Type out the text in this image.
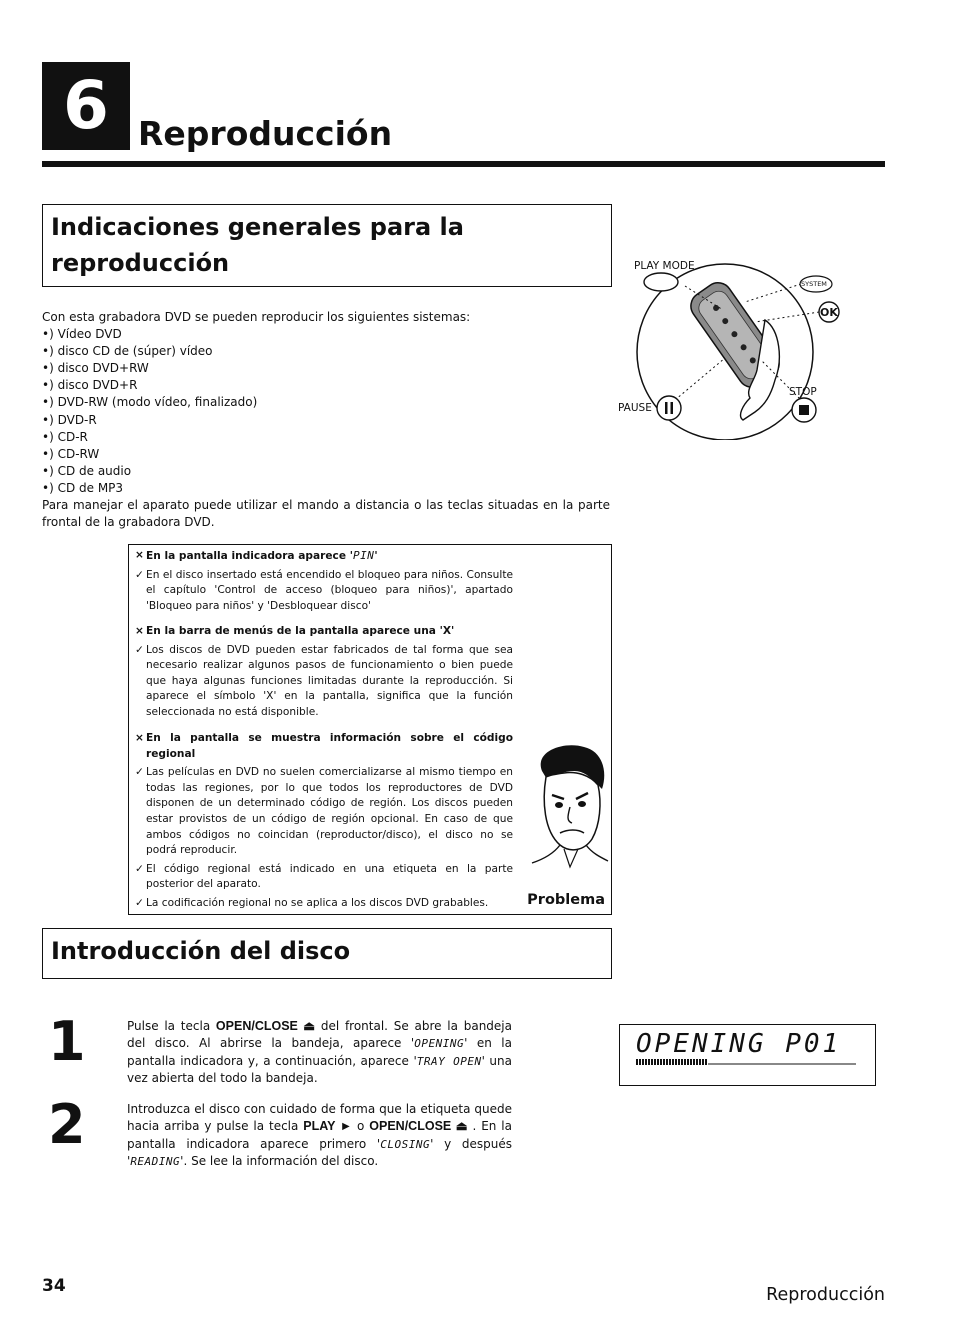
6 Reproducción
Indicaciones generales para la
reproducción
Con esta grabadora DVD se pueden reproducir los siguientes sistemas:
•) Vídeo DVD
•) disco CD de (súper) vídeo
•) disco DVD+RW
•) disco DVD+R
•) DVD-RW (modo vídeo, finalizado)
•) DVD-R
•) CD-R
•) CD-RW
•) CD de audio
•) CD de MP3
Para manejar el aparato puede utilizar el mando a distancia o las teclas situadas en la parte frontal de la grabadora DVD.
PLAY MODE
SYSTEM
OK
STOP
PAUSE
× En la pantalla indicadora aparece 'PIN'
✓ En el disco insertado está encendido el bloqueo para niños. Consulte el capítulo 'Control de acceso (bloqueo para niños)', apartado 'Bloqueo para niños' y 'Desbloquear disco'
× En la barra de menús de la pantalla aparece una 'X'
✓ Los discos de DVD pueden estar fabricados de tal forma que sea necesario realizar algunos pasos de funcionamiento o bien puede que haya algunas funciones limitadas durante la reproducción. Si aparece el símbolo 'X' en la pantalla, significa que la función seleccionada no está disponible.
× En la pantalla se muestra información sobre el código regional
✓ Las películas en DVD no suelen comercializarse al mismo tiempo en todas las regiones, por lo que todos los reproductores de DVD disponen de un determinado código de región. Los discos pueden estar provistos de un código de región opcional. En caso de que ambos códigos no coincidan (reproductor/disco), el disco no se podrá reproducir.
✓ El código regional está indicado en una etiqueta en la parte posterior del aparato.
✓ La codificación regional no se aplica a los discos DVD grabables.	Problema
Introducción del disco
1	Pulse la tecla OPEN/CLOSE ⏏ del frontal. Se abre la bandeja del disco. Al abrirse la bandeja, aparece 'OPENING' en la pantalla indicadora y, a continuación, aparece 'TRAY OPEN' una vez abierta del todo la bandeja.
2	Introduzca el disco con cuidado de forma que la etiqueta quede hacia arriba y pulse la tecla PLAY ► o OPEN/CLOSE ⏏ . En la pantalla indicadora aparece primero 'CLOSING' y después 'READING'. Se lee la información del disco.
OPENING P01
34	Reproducción
